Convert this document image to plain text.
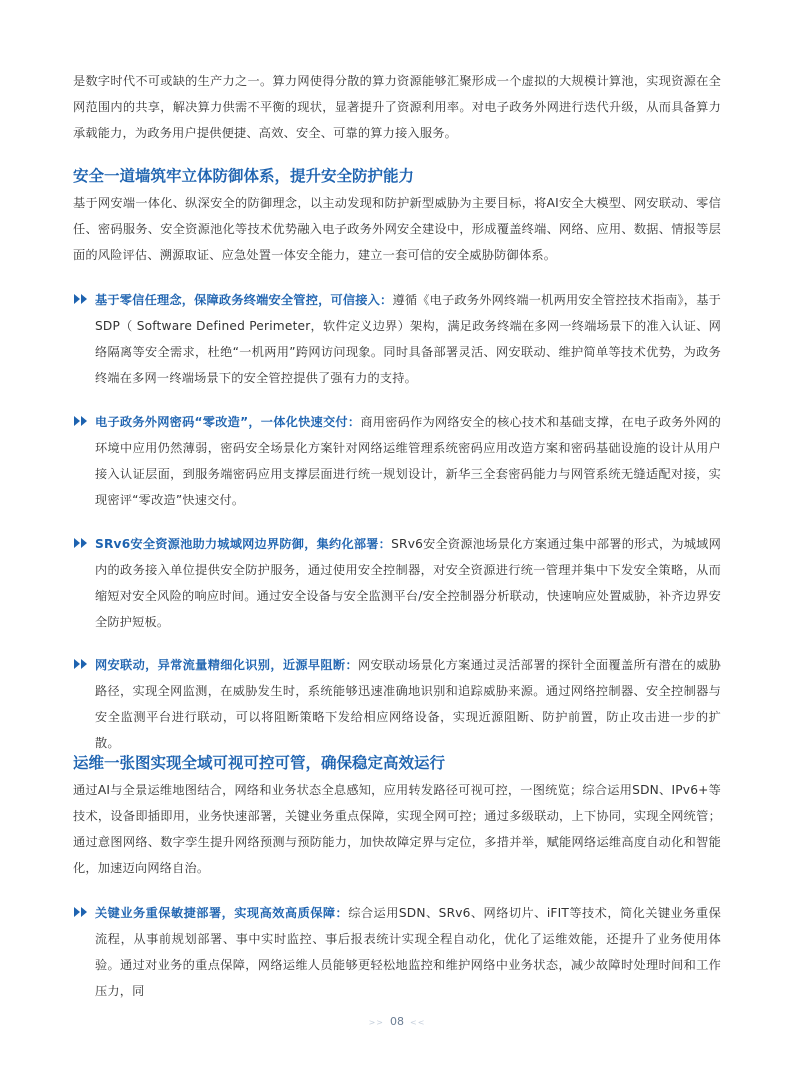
是数字时代不可或缺的生产力之一。算力网使得分散的算力资源能够汇聚形成一个虚拟的大规模计算池，实现资源在全网范围内的共享，解决算力供需不平衡的现状，显著提升了资源利用率。对电子政务外网进行迭代升级，从而具备算力承载能力，为政务用户提供便捷、高效、安全、可靠的算力接入服务。

安全一道墙筑牢立体防御体系，提升安全防护能力

基于网安端一体化、纵深安全的防御理念，以主动发现和防护新型威胁为主要目标，将AI安全大模型、网安联动、零信任、密码服务、安全资源池化等技术优势融入电子政务外网安全建设中，形成覆盖终端、网络、应用、数据、情报等层面的风险评估、溯源取证、应急处置一体安全能力，建立一套可信的安全威胁防御体系。

基于零信任理念，保障政务终端安全管控，可信接入：遵循《电子政务外网终端一机两用安全管控技术指南》，基于SDP（ Software Defined Perimeter，软件定义边界）架构，满足政务终端在多网一终端场景下的准入认证、网络隔离等安全需求，杜绝“一机两用”跨网访问现象。同时具备部署灵活、网安联动、维护简单等技术优势，为政务终端在多网一终端场景下的安全管控提供了强有力的支持。

电子政务外网密码“零改造”，一体化快速交付：商用密码作为网络安全的核心技术和基础支撑，在电子政务外网的环境中应用仍然薄弱，密码安全场景化方案针对网络运维管理系统密码应用改造方案和密码基础设施的设计从用户接入认证层面，到服务端密码应用支撑层面进行统一规划设计，新华三全套密码能力与网管系统无缝适配对接，实现密评“零改造”快速交付。

SRv6安全资源池助力城域网边界防御，集约化部署：SRv6安全资源池场景化方案通过集中部署的形式，为城域网内的政务接入单位提供安全防护服务，通过使用安全控制器，对安全资源进行统一管理并集中下发安全策略，从而缩短对安全风险的响应时间。通过安全设备与安全监测平台/安全控制器分析联动，快速响应处置威胁，补齐边界安全防护短板。

网安联动，异常流量精细化识别，近源早阻断：网安联动场景化方案通过灵活部署的探针全面覆盖所有潜在的威胁路径，实现全网监测，在威胁发生时，系统能够迅速准确地识别和追踪威胁来源。通过网络控制器、安全控制器与安全监测平台进行联动，可以将阻断策略下发给相应网络设备，实现近源阻断、防护前置，防止攻击进一步的扩散。

运维一张图实现全域可视可控可管，确保稳定高效运行

通过AI与全景运维地图结合，网络和业务状态全息感知，应用转发路径可视可控，一图统览；综合运用SDN、IPv6+等技术，设备即插即用，业务快速部署，关键业务重点保障，实现全网可控；通过多级联动，上下协同，实现全网统管；通过意图网络、数字孪生提升网络预测与预防能力，加快故障定界与定位，多措并举，赋能网络运维高度自动化和智能化，加速迈向网络自治。

关键业务重保敏捷部署，实现高效高质保障：综合运用SDN、SRv6、网络切片、iFIT等技术，简化关键业务重保流程，从事前规划部署、事中实时监控、事后报表统计实现全程自动化，优化了运维效能，还提升了业务使用体验。通过对业务的重点保障，网络运维人员能够更轻松地监控和维护网络中业务状态，减少故障时处理时间和工作压力，同

>> 08 <<
